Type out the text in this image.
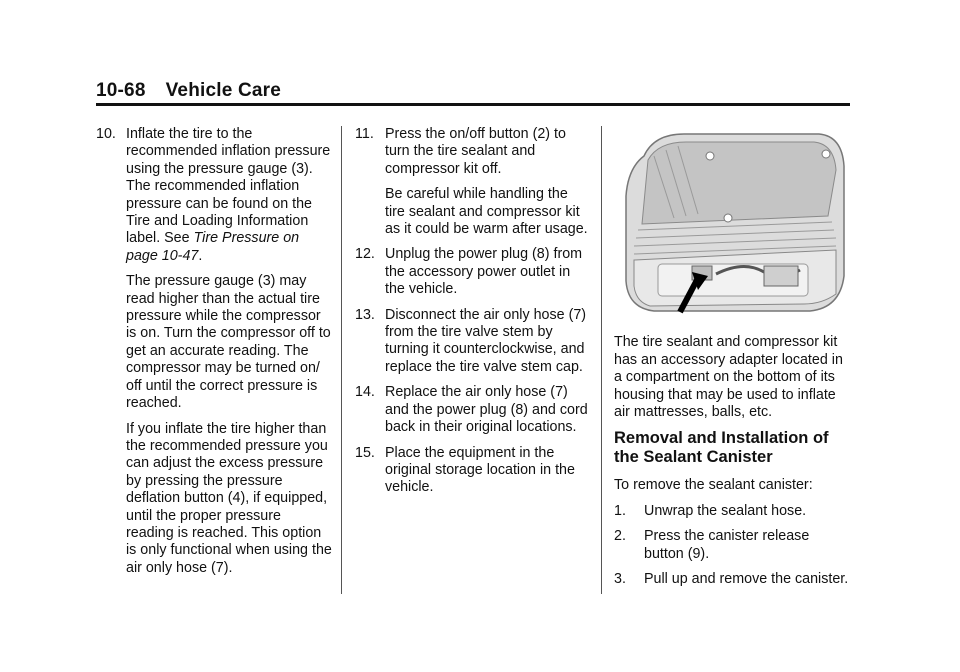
10-68 Vehicle Care
10. Inflate the tire to the recommended inflation pressure using the pressure gauge (3). The recommended inflation pressure can be found on the Tire and Loading Information label. See Tire Pressure on page 10-47.
The pressure gauge (3) may read higher than the actual tire pressure while the compressor is on. Turn the compressor off to get an accurate reading. The compressor may be turned on/ off until the correct pressure is reached.
If you inflate the tire higher than the recommended pressure you can adjust the excess pressure by pressing the pressure deflation button (4), if equipped, until the proper pressure reading is reached. This option is only functional when using the air only hose (7).
11. Press the on/off button (2) to turn the tire sealant and compressor kit off.
Be careful while handling the tire sealant and compressor kit as it could be warm after usage.
12. Unplug the power plug (8) from the accessory power outlet in the vehicle.
13. Disconnect the air only hose (7) from the tire valve stem by turning it counterclockwise, and replace the tire valve stem cap.
14. Replace the air only hose (7) and the power plug (8) and cord back in their original locations.
15. Place the equipment in the original storage location in the vehicle.
The tire sealant and compressor kit has an accessory adapter located in a compartment on the bottom of its housing that may be used to inflate air mattresses, balls, etc.
Removal and Installation of the Sealant Canister
To remove the sealant canister:
1. Unwrap the sealant hose.
2. Press the canister release button (9).
3. Pull up and remove the canister.
